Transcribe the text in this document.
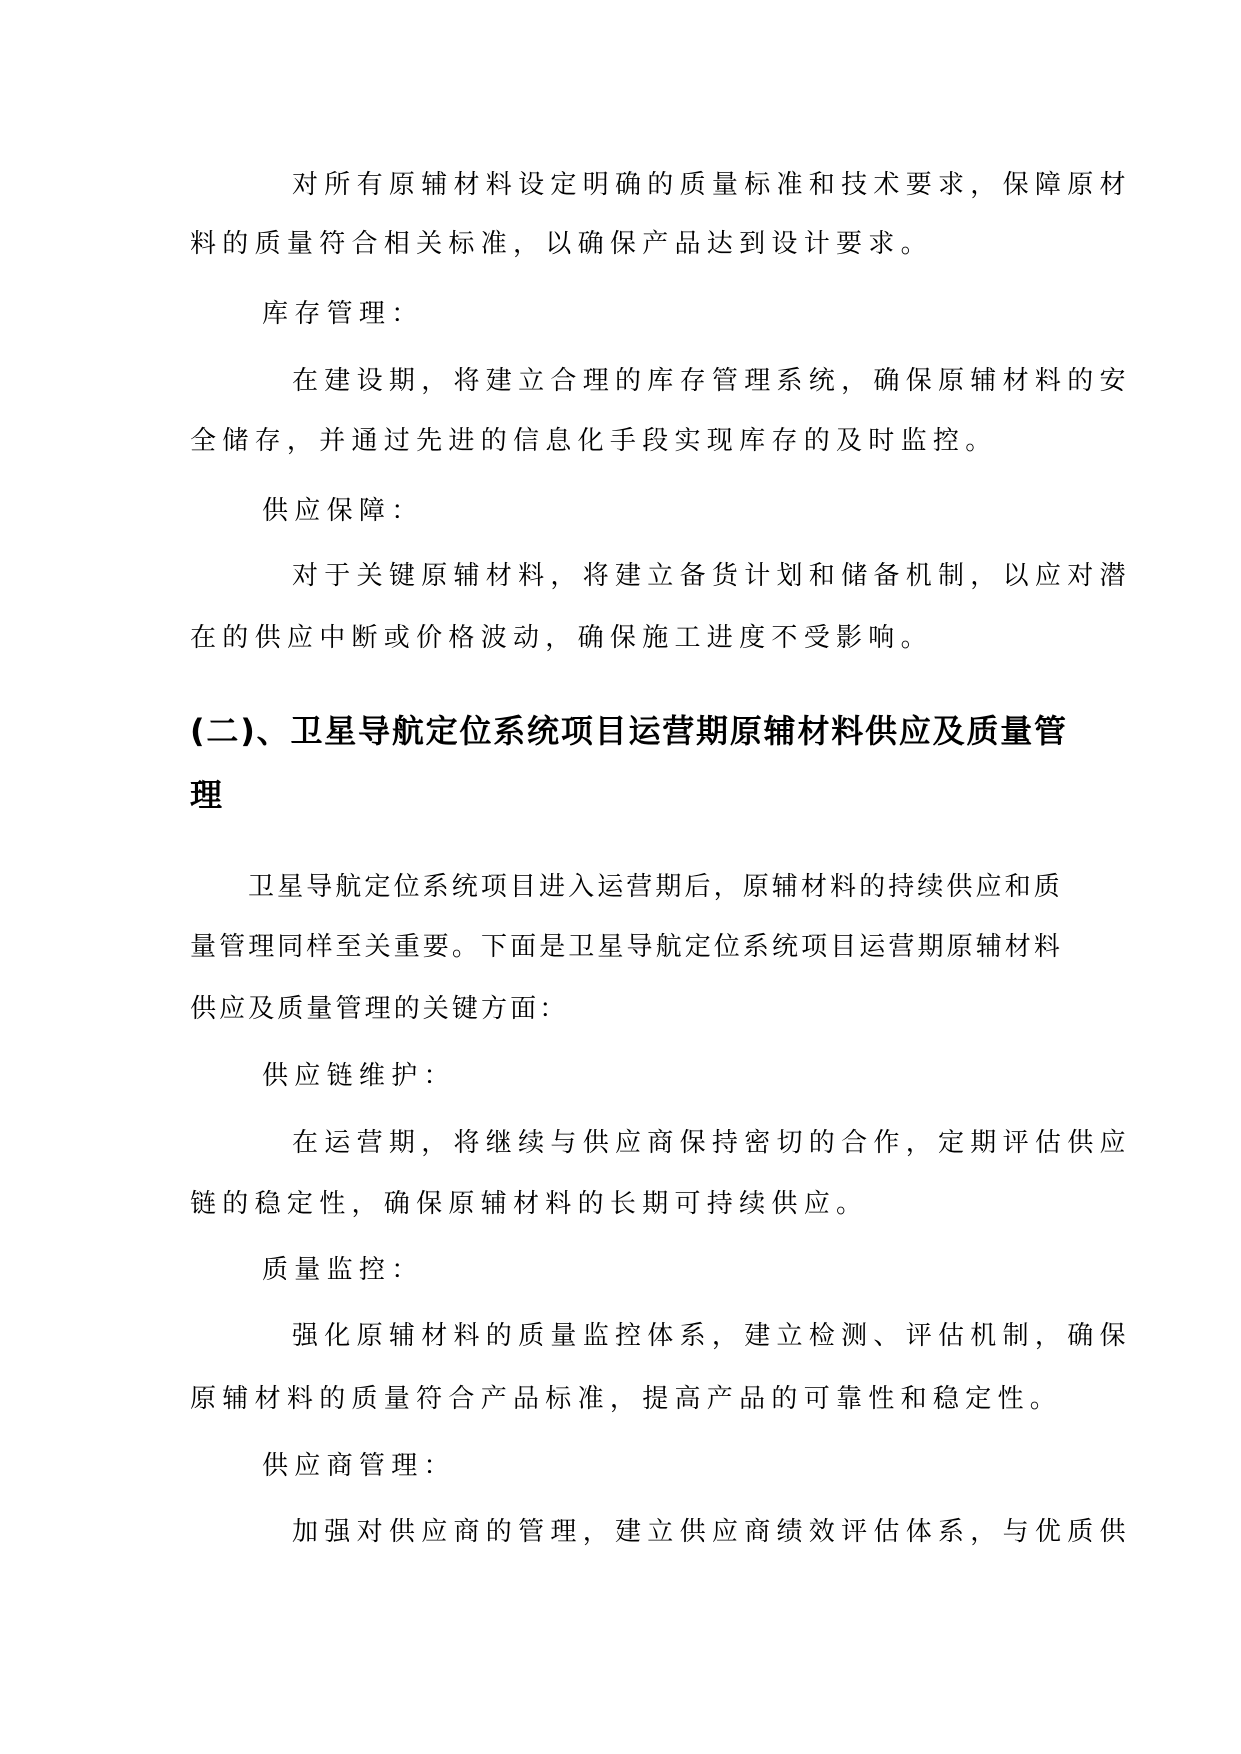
对所有原辅材料设定明确的质量标准和技术要求，保障原材
料的质量符合相关标准，以确保产品达到设计要求。
库存管理：
在建设期，将建立合理的库存管理系统，确保原辅材料的安
全储存，并通过先进的信息化手段实现库存的及时监控。
供应保障：
对于关键原辅材料，将建立备货计划和储备机制，以应对潜
在的供应中断或价格波动，确保施工进度不受影响。
(二)、卫星导航定位系统项目运营期原辅材料供应及质量管
理
卫星导航定位系统项目进入运营期后，原辅材料的持续供应和质
量管理同样至关重要。下面是卫星导航定位系统项目运营期原辅材料
供应及质量管理的关键方面：
供应链维护：
在运营期，将继续与供应商保持密切的合作，定期评估供应
链的稳定性，确保原辅材料的长期可持续供应。
质量监控：
强化原辅材料的质量监控体系，建立检测、评估机制，确保
原辅材料的质量符合产品标准，提高产品的可靠性和稳定性。
供应商管理：
加强对供应商的管理，建立供应商绩效评估体系，与优质供
